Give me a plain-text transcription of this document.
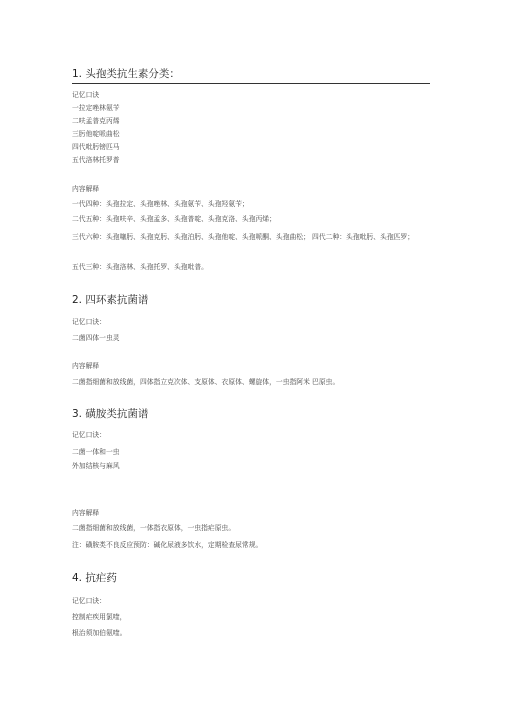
1. 头孢类抗生素分类：
记忆口诀
一拉定唑林氨苄
二呋孟普克丙烯
三肟他啶哌曲松
四代吡肟镑匹马
五代洛林托罗普
内容解释
一代四种：头孢拉定、头孢唑林、头孢氨苄、头孢羟氨苄；
二代五种：头孢呋辛、头孢孟多、头孢普啶、头孢克洛、头孢丙烯；
三代六种：头孢噻肟、头孢克肟、头孢泊肟、头孢他啶、头孢哌酮、头孢曲松； 四代二种：头孢吡肟、头孢匹罗；
五代三种：头孢洛林、头孢托罗、头孢吡普。
2. 四环素抗菌谱
记忆口诀：
二菌四体一虫灵
内容解释
二菌指细菌和放线菌，四体指立克次体、支原体、衣原体、螺旋体，一虫指阿米 巴原虫。
3. 磺胺类抗菌谱
记忆口诀：
二菌一体和一虫
外加结核与麻风
内容解释
二菌指细菌和放线菌，一体指衣原体，一虫指疟原虫。
注：磺胺类不良反应预防：碱化尿液多饮水，定期检查尿常规。
4. 抗疟药
记忆口诀：
控制疟疾用氯喹，
根治须加伯氨喹。
